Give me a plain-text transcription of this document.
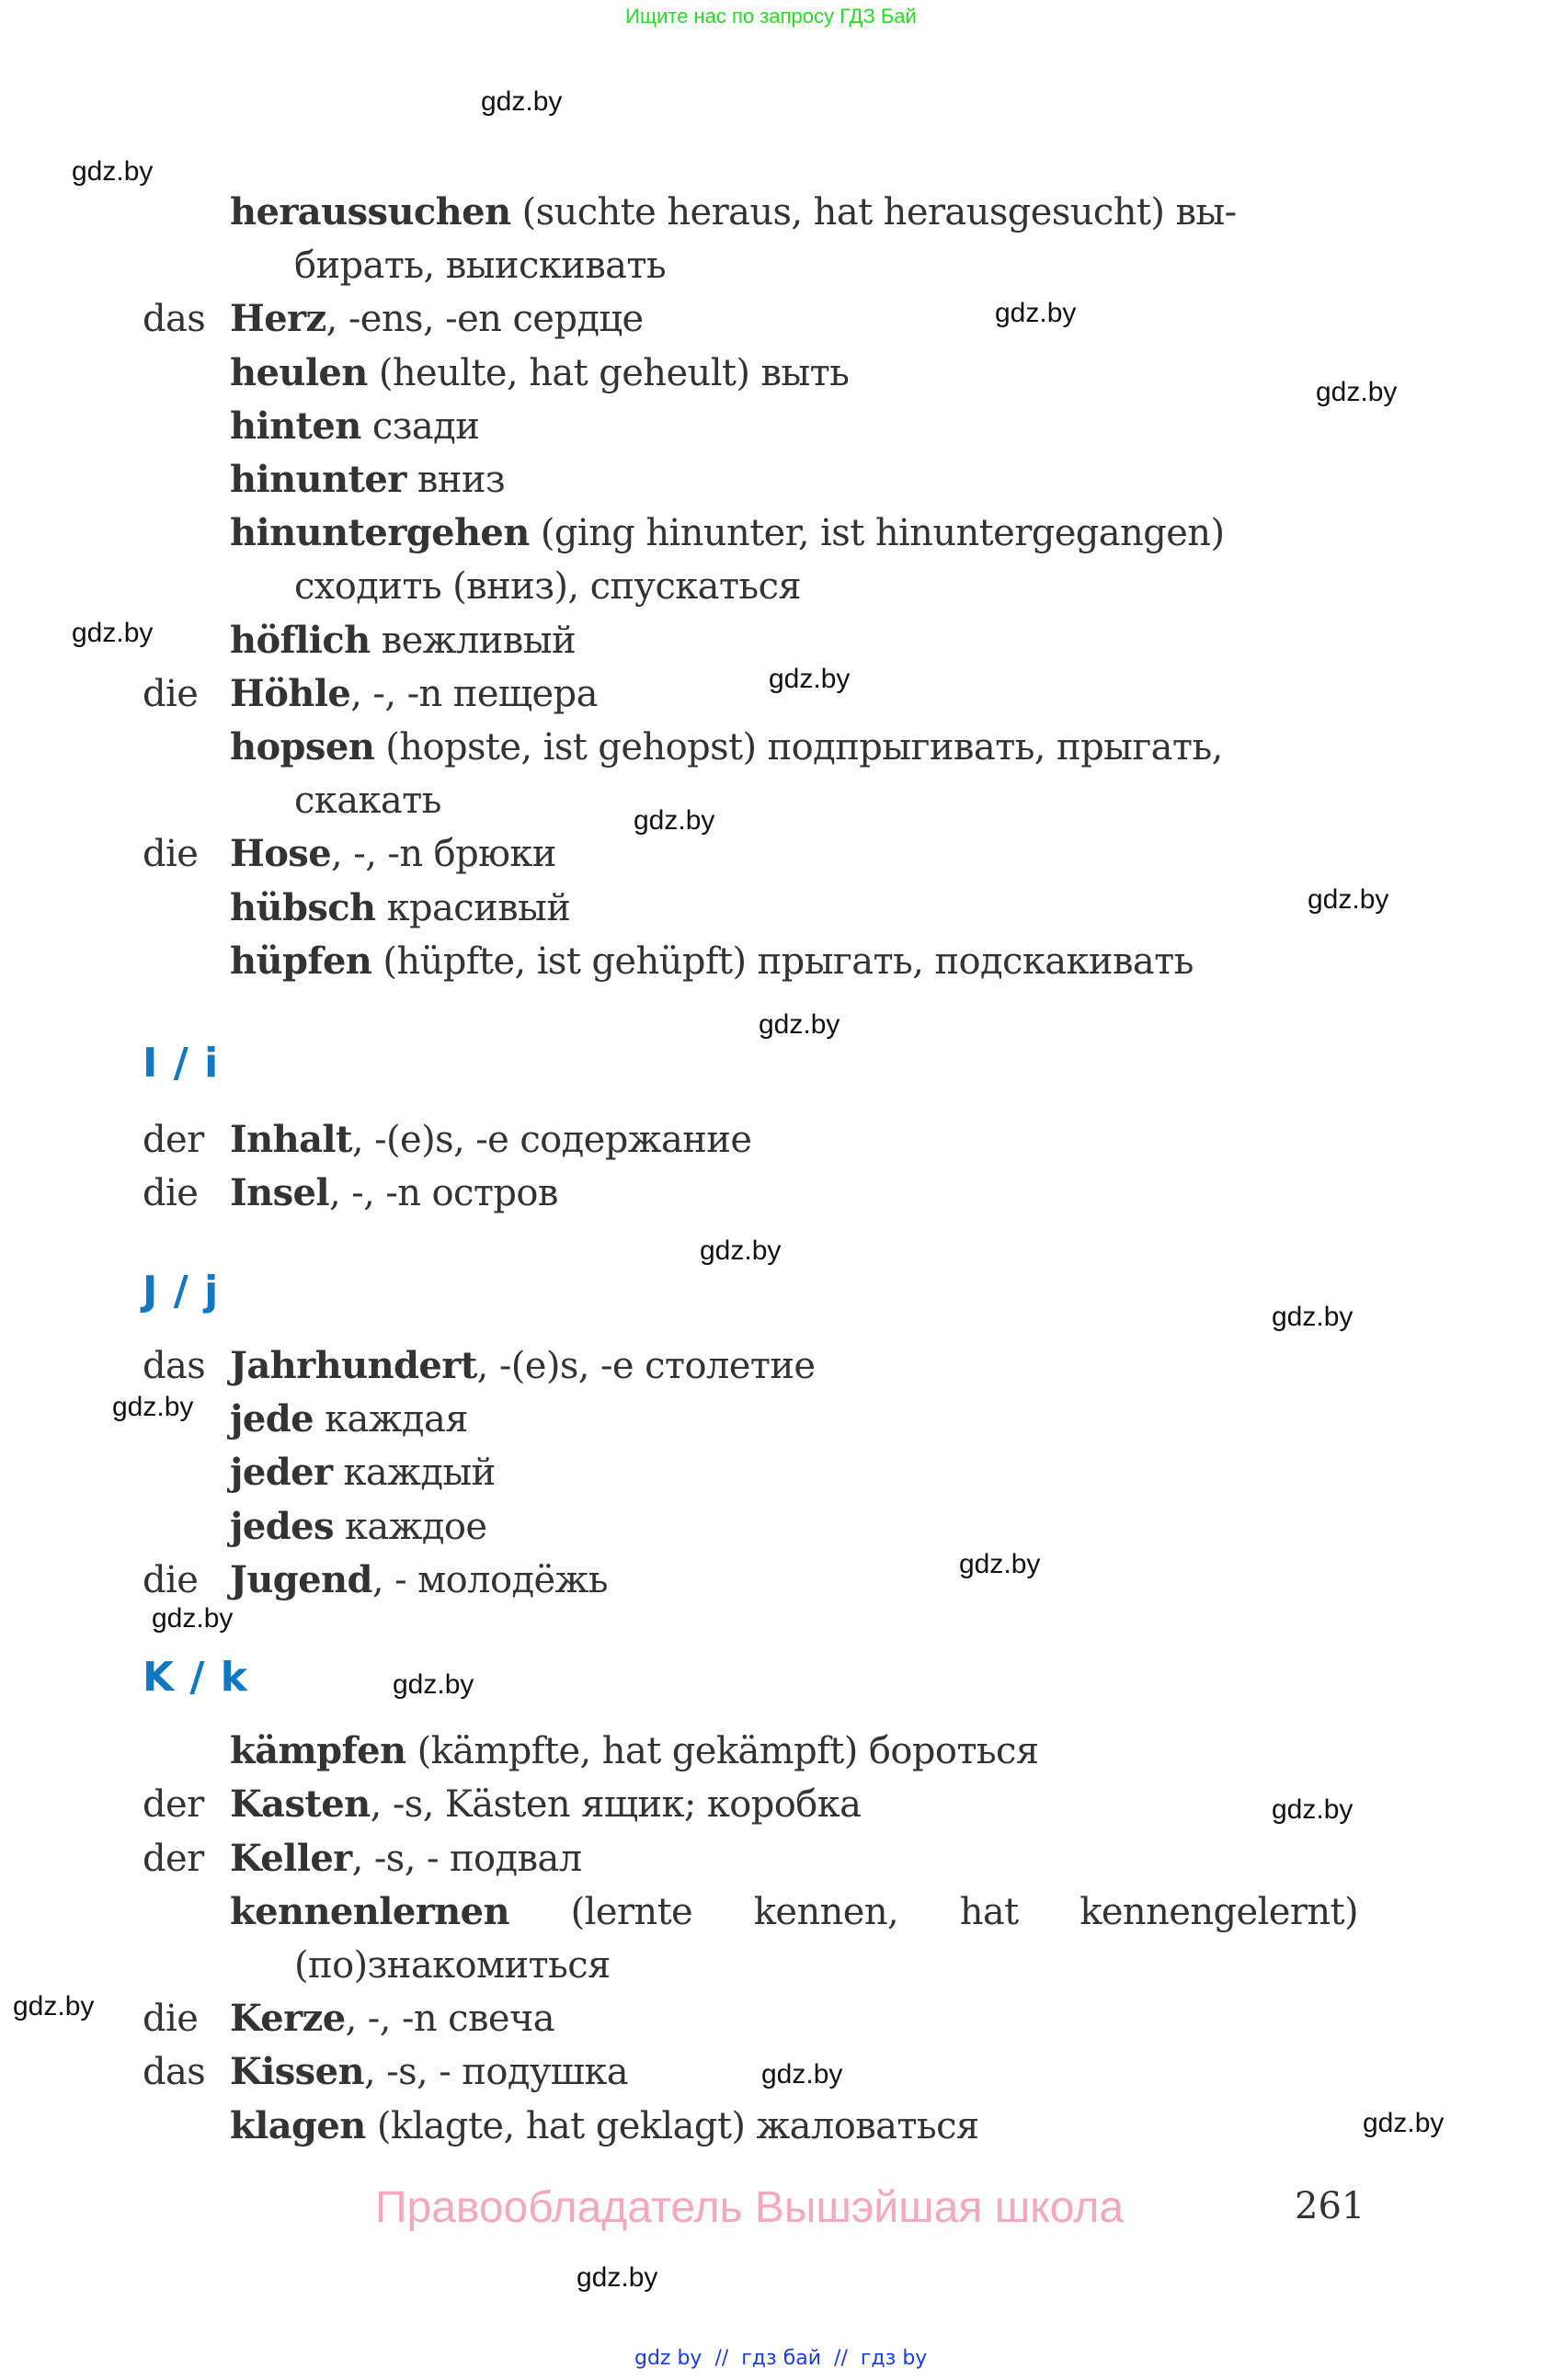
Ищите нас по запросу ГДЗ Бай
heraussuchen (suchte heraus, hat herausgesucht) вы-
бирать, выискивать
das Herz, -ens, -en сердце
heulen (heulte, hat geheult) выть
hinten сзади
hinunter вниз
hinuntergehen (ging hinunter, ist hinuntergegangen)
сходить (вниз), спускаться
höflich вежливый
die Höhle, -, -n пещера
hopsen (hopste, ist gehopst) подпрыгивать, прыгать,
скакать
die Hose, -, -n брюки
hübsch красивый
hüpfen (hüpfte, ist gehüpft) прыгать, подскакивать
I / i
der Inhalt, -(e)s, -e содержание
die Insel, -, -n остров
J / j
das Jahrhundert, -(e)s, -e столетие
jede каждая
jeder каждый
jedes каждое
die Jugend, - молодёжь
K / k
kämpfen (kämpfte, hat gekämpft) бороться
der Kasten, -s, Kästen ящик; коробка
der Keller, -s, - подвал
kennenlernen (lernte kennen, hat kennengelernt)
(по)знакомиться
die Kerze, -, -n свеча
das Kissen, -s, - подушка
klagen (klagte, hat geklagt) жаловаться
gdz.by
gdz.by
gdz.by
gdz.by
gdz.by
gdz.by
gdz.by
gdz.by
gdz.by
gdz.by
gdz.by
gdz.by
gdz.by
gdz.by
gdz.by
gdz.by
gdz.by
gdz.by
gdz.by
gdz.by
261
Правообладатель Вышэйшая школа
gdz by  //  гдз бай  //  гдз by
